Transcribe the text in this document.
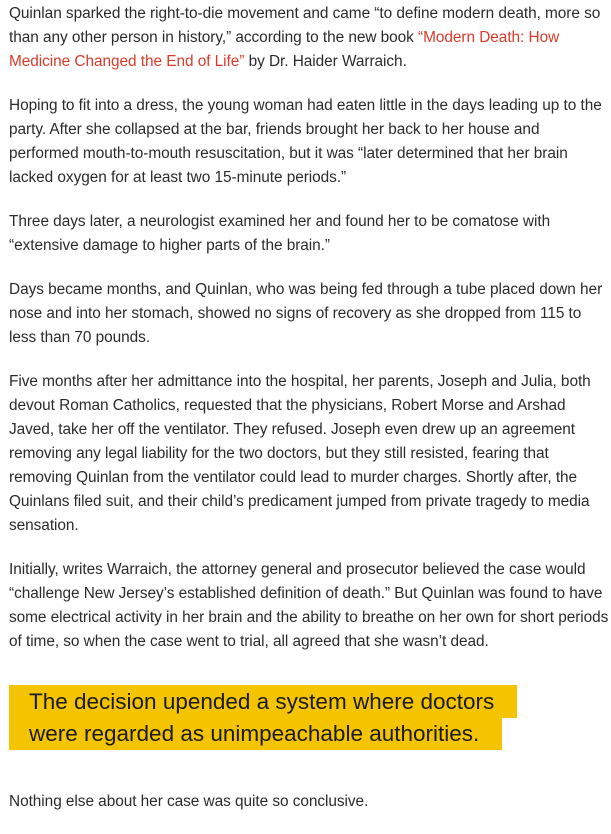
Quinlan sparked the right-to-die movement and came “to define modern death, more so than any other person in history,” according to the new book “Modern Death: How Medicine Changed the End of Life” by Dr. Haider Warraich.

Hoping to fit into a dress, the young woman had eaten little in the days leading up to the party. After she collapsed at the bar, friends brought her back to her house and performed mouth-to-mouth resuscitation, but it was “later determined that her brain lacked oxygen for at least two 15-minute periods.”

Three days later, a neurologist examined her and found her to be comatose with “extensive damage to higher parts of the brain.”

Days became months, and Quinlan, who was being fed through a tube placed down her nose and into her stomach, showed no signs of recovery as she dropped from 115 to less than 70 pounds.

Five months after her admittance into the hospital, her parents, Joseph and Julia, both devout Roman Catholics, requested that the physicians, Robert Morse and Arshad Javed, take her off the ventilator. They refused. Joseph even drew up an agreement removing any legal liability for the two doctors, but they still resisted, fearing that removing Quinlan from the ventilator could lead to murder charges. Shortly after, the Quinlans filed suit, and their child’s predicament jumped from private tragedy to media sensation.

Initially, writes Warraich, the attorney general and prosecutor believed the case would “challenge New Jersey’s established definition of death.” But Quinlan was found to have some electrical activity in her brain and the ability to breathe on her own for short periods of time, so when the case went to trial, all agreed that she wasn’t dead.

The decision upended a system where doctors were regarded as unimpeachable authorities.

Nothing else about her case was quite so conclusive.
